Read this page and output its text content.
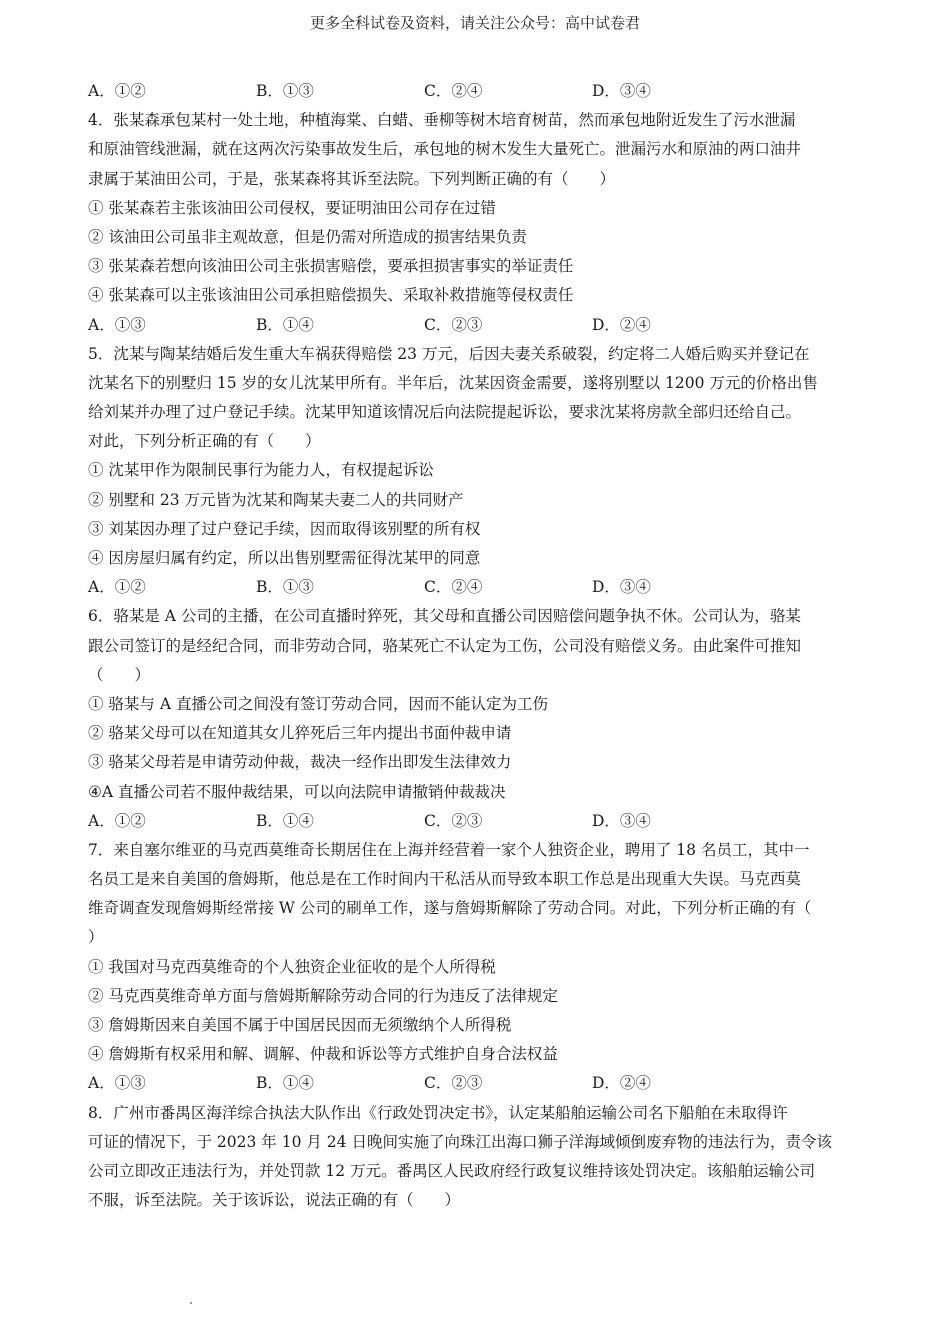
更多全科试卷及资料，请关注公众号：高中试卷君
A．①②	B．①③	C．②④	D．③④
4．张某森承包某村一处土地，种植海棠、白蜡、垂柳等树木培育树苗，然而承包地附近发生了污水泄漏
和原油管线泄漏，就在这两次污染事故发生后，承包地的树木发生大量死亡。泄漏污水和原油的两口油井
隶属于某油田公司，于是，张某森将其诉至法院。下列判断正确的有（　　）
① 张某森若主张该油田公司侵权，要证明油田公司存在过错
② 该油田公司虽非主观故意，但是仍需对所造成的损害结果负责
③ 张某森若想向该油田公司主张损害赔偿，要承担损害事实的举证责任
④ 张某森可以主张该油田公司承担赔偿损失、采取补救措施等侵权责任
A．①③	B．①④	C．②③	D．②④
5．沈某与陶某结婚后发生重大车祸获得赔偿 23 万元，后因夫妻关系破裂，约定将二人婚后购买并登记在
沈某名下的别墅归 15 岁的女儿沈某甲所有。半年后，沈某因资金需要，遂将别墅以 1200 万元的价格出售
给刘某并办理了过户登记手续。沈某甲知道该情况后向法院提起诉讼，要求沈某将房款全部归还给自己。
对此，下列分析正确的有（　　）
① 沈某甲作为限制民事行为能力人，有权提起诉讼
② 别墅和 23 万元皆为沈某和陶某夫妻二人的共同财产
③ 刘某因办理了过户登记手续，因而取得该别墅的所有权
④ 因房屋归属有约定，所以出售别墅需征得沈某甲的同意
A．①②	B．①③	C．②④	D．③④
6．骆某是 A 公司的主播，在公司直播时猝死，其父母和直播公司因赔偿问题争执不休。公司认为，骆某
跟公司签订的是经纪合同，而非劳动合同，骆某死亡不认定为工伤，公司没有赔偿义务。由此案件可推知
（　　）
① 骆某与 A 直播公司之间没有签订劳动合同，因而不能认定为工伤
② 骆某父母可以在知道其女儿猝死后三年内提出书面仲裁申请
③ 骆某父母若是申请劳动仲裁，裁决一经作出即发生法律效力
④A 直播公司若不服仲裁结果，可以向法院申请撤销仲裁裁决
A．①②	B．①④	C．②③	D．③④
7．来自塞尔维亚的马克西莫维奇长期居住在上海并经营着一家个人独资企业，聘用了 18 名员工，其中一
名员工是来自美国的詹姆斯，他总是在工作时间内干私活从而导致本职工作总是出现重大失误。马克西莫
维奇调查发现詹姆斯经常接 W 公司的刷单工作，遂与詹姆斯解除了劳动合同。对此，下列分析正确的有（
）
① 我国对马克西莫维奇的个人独资企业征收的是个人所得税
② 马克西莫维奇单方面与詹姆斯解除劳动合同的行为违反了法律规定
③ 詹姆斯因来自美国不属于中国居民因而无须缴纳个人所得税
④ 詹姆斯有权采用和解、调解、仲裁和诉讼等方式维护自身合法权益
A．①③	B．①④	C．②③	D．②④
8．广州市番禺区海洋综合执法大队作出《行政处罚决定书》，认定某船舶运输公司名下船舶在未取得许
可证的情况下，于 2023 年 10 月 24 日晚间实施了向珠江出海口狮子洋海域倾倒废弃物的违法行为，责令该
公司立即改正违法行为，并处罚款 12 万元。番禺区人民政府经行政复议维持该处罚决定。该船舶运输公司
不服，诉至法院。关于该诉讼，说法正确的有（　　）
